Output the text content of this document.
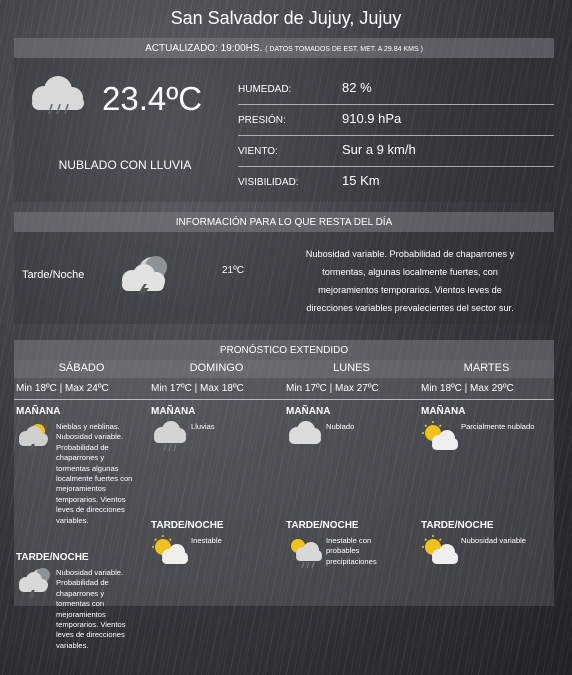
San Salvador de Jujuy, Jujuy
ACTUALIZADO: 19:00HS. ( DATOS TOMADOS DE EST. MET. A 29.84 KMS )
23.4ºC
NUBLADO CON LLUVIA
HUMEDAD:	82 %
PRESIÓN:	910.9 hPa
VIENTO:	Sur a 9 km/h
VISIBILIDAD:	15 Km
INFORMACIÓN PARA LO QUE RESTA DEL DÍA
Tarde/Noche	21ºC
Nubosidad variable. Probabilidad de chaparrones y
tormentas, algunas localmente fuertes, con
mejoramientos temporarios. Vientos leves de
direcciones variables prevalecientes del sector sur.
PRONÓSTICO EXTENDIDO
SÁBADO
Min 18ºC | Max 24ºC
MAÑANA
Nieblas y neblinas.
Nubosidad variable.
Probabilidad de
chaparrones y
tormentas algunas
localmente fuertes con
mejoramientos
temporarios. Vientos
leves de direcciones
variables.
TARDE/NOCHE
Nubosidad variable.
Probabilidad de
chaparrones y
tormentas con
mejoramientos
temporarios. Vientos
leves de direcciones
variables.
DOMINGO
Min 17ºC | Max 18ºC
MAÑANA
Lluvias
TARDE/NOCHE
Inestable
LUNES
Min 17ºC | Max 27ºC
MAÑANA
Nublado
TARDE/NOCHE
Inestable con
probables
precipitaciones
MARTES
Min 18ºC | Max 29ºC
MAÑANA
Parcialmente nublado
TARDE/NOCHE
Nubosidad variable
